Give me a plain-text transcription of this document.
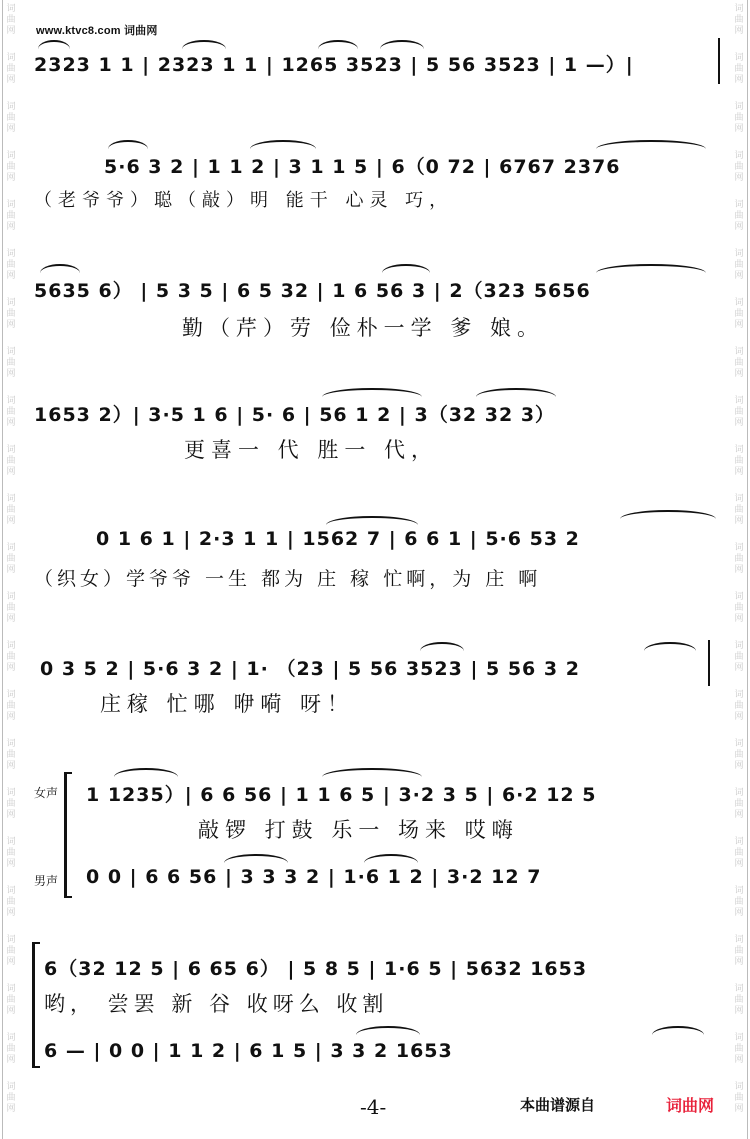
词
曲
网
词
曲
网
词
曲
网
词
曲
网
词
曲
网
词
曲
网
词
曲
网
词
曲
网
词
曲
网
词
曲
网
词
曲
网
词
曲
网
词
曲
网
词
曲
网
词
曲
网
词
曲
网
词
曲
网
词
曲
网
词
曲
网
词
曲
网
词
曲
网
词
曲
网
词
曲
网
词
曲
网
词
曲
网
词
曲
网
词
曲
网
词
曲
网
词
曲
网
词
曲
网
词
曲
网
词
曲
网
词
曲
网
词
曲
网
词
曲
网
词
曲
网
词
曲
网
词
曲
网
词
曲
网
词
曲
网
词
曲
网
词
曲
网
词
曲
网
词
曲
网
词
曲
网
词
曲
网
www.ktvc8.com 词曲网
2323 1 1 | 2323 1 1 | 1265 3523 | 5 56 3523 | 1 —）|
5·6 3 2 | 1 1 2 | 3 1 1 5 | 6（0 72 | 6767 2376
（老爷爷）聪（敲）明 能干 心灵 巧，
5635 6） | 5 3 5 | 6 5 32 | 1 6 56 3 | 2（323 5656
勤（芹）劳 俭朴一学 爹 娘。
1653 2）| 3·5 1 6 | 5· 6 | 56 1 2 | 3（32 32 3）
更喜一 代 胜一 代，
0 1 6 1 | 2·3 1 1 | 1562 7 | 6 6 1 | 5·6 53 2
（织女）学爷爷 一生 都为 庄 稼 忙啊，为 庄 啊
0 3 5 2 | 5·6 3 2 | 1· （23 | 5 56 3523 | 5 56 3 2
庄稼 忙哪 咿嗬 呀！
女声 1 1235）| 6 6 56 | 1 1 6 5 | 3·2 3 5 | 6·2 12 5
敲锣 打鼓 乐一 场来 哎嗨
男声 0 0 | 6 6 56 | 3 3 3 2 | 1·6 1 2 | 3·2 12 7
6（32 12 5 | 6 65 6） | 5 8 5 | 1·6 5 | 5632 1653
哟， 尝罢 新 谷 收呀么 收割
6 — | 0 0 | 1 1 2 | 6 1 5 | 3 3 2 1653
-4-	本曲谱源自	词曲网
